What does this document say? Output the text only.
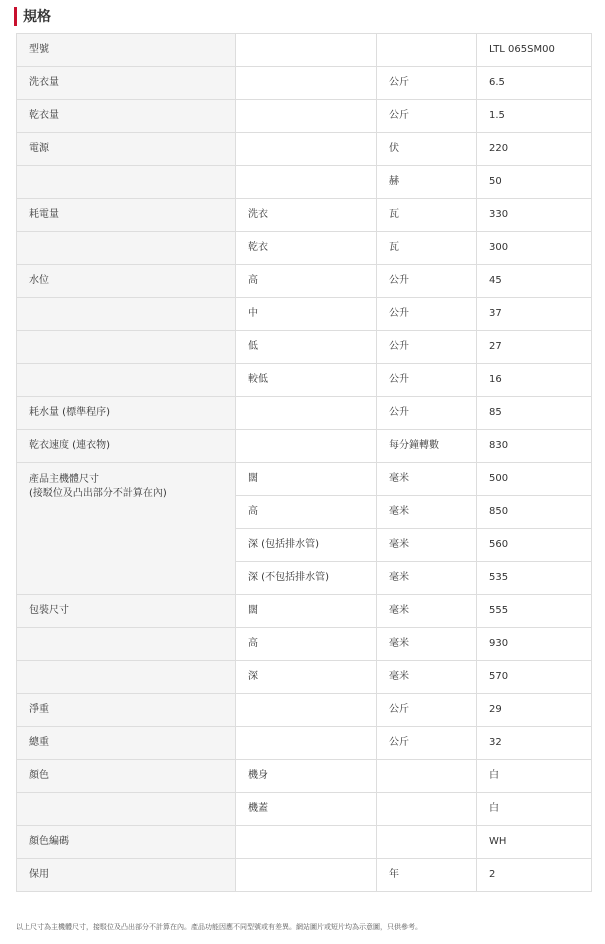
規格
型號			LTL 065SM00
洗衣量		公斤	6.5
乾衣量		公斤	1.5
電源		伏	220
		赫	50
耗電量	洗衣	瓦	330
	乾衣	瓦	300
水位	高	公升	45
	中	公升	37
	低	公升	27
	較低	公升	16
耗水量 (標準程序)		公升	85
乾衣速度 (連衣物)		每分鐘轉數	830

產品主機體尺寸
(接駁位及凸出部分不計算在內)	闊	毫米	500
	高	毫米	850
	深 (包括排水管)	毫米	560
	深 (不包括排水管)	毫米	535
包裝尺寸	闊	毫米	555
	高	毫米	930
	深	毫米	570
淨重		公斤	29
總重		公斤	32
顏色	機身		白
	機蓋		白
顏色編碼			WH
保用		年	2
以上尺寸為主機體尺寸，接駁位及凸出部分不計算在內。產品功能因應不同型號或有差異。網站圖片或短片均為示意圖，只供參考。
